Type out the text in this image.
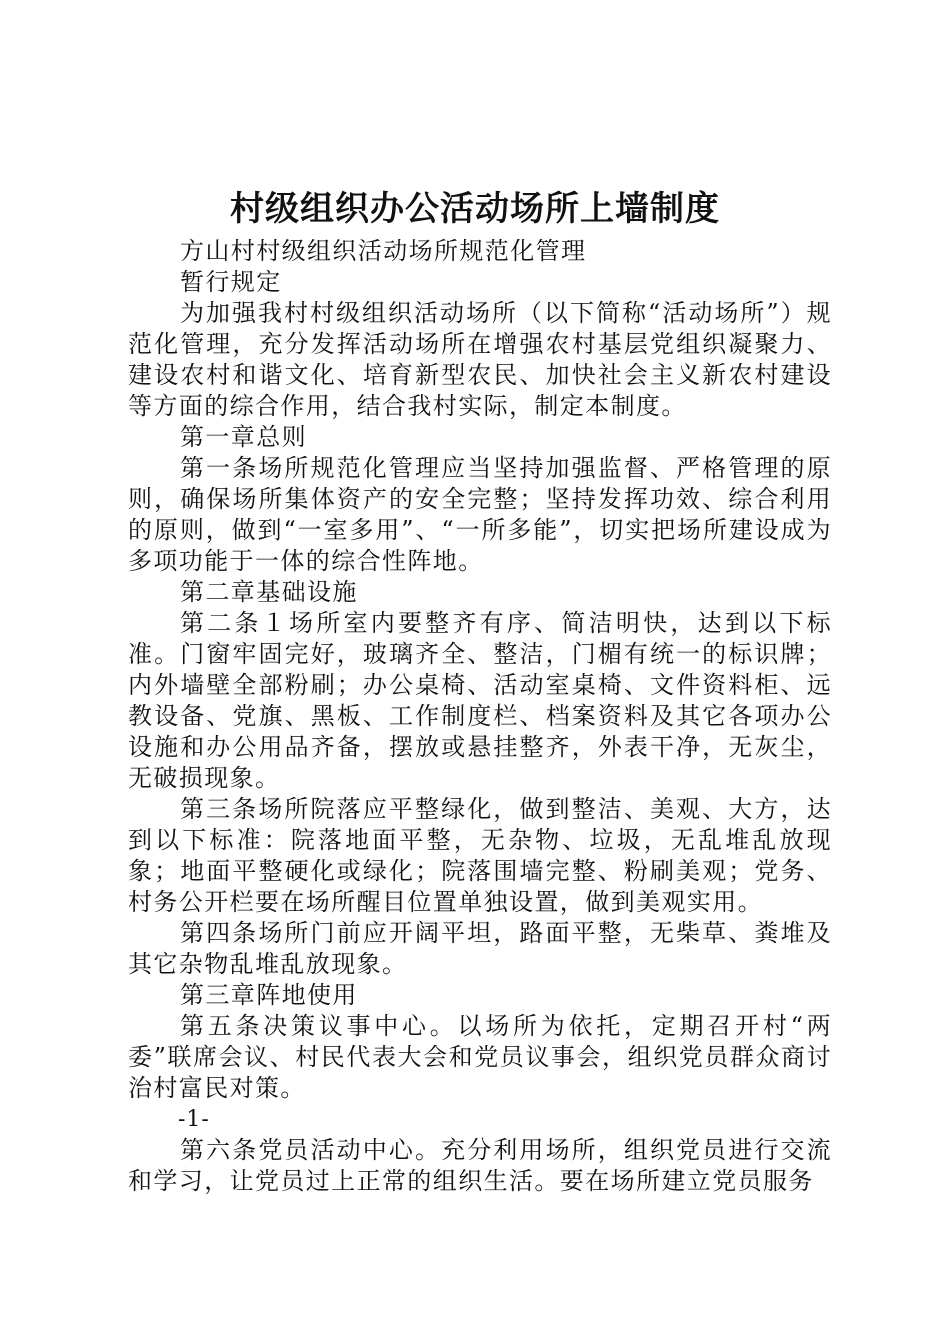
村级组织办公活动场所上墙制度

方山村村级组织活动场所规范化管理

暂行规定

为加强我村村级组织活动场所（以下简称“活动场所”）规范化管理，充分发挥活动场所在增强农村基层党组织凝聚力、建设农村和谐文化、培育新型农民、加快社会主义新农村建设等方面的综合作用，结合我村实际，制定本制度。

第一章总则

第一条场所规范化管理应当坚持加强监督、严格管理的原则，确保场所集体资产的安全完整；坚持发挥功效、综合利用的原则，做到“一室多用”、“一所多能”，切实把场所建设成为多项功能于一体的综合性阵地。

第二章基础设施

第二条１场所室内要整齐有序、简洁明快，达到以下标准。门窗牢固完好，玻璃齐全、整洁，门楣有统一的标识牌；内外墙壁全部粉刷；办公桌椅、活动室桌椅、文件资料柜、远教设备、党旗、黑板、工作制度栏、档案资料及其它各项办公设施和办公用品齐备，摆放或悬挂整齐，外表干净，无灰尘，无破损现象。

第三条场所院落应平整绿化，做到整洁、美观、大方，达到以下标准：院落地面平整，无杂物、垃圾，无乱堆乱放现象；地面平整硬化或绿化；院落围墙完整、粉刷美观；党务、村务公开栏要在场所醒目位置单独设置，做到美观实用。

第四条场所门前应开阔平坦，路面平整，无柴草、粪堆及其它杂物乱堆乱放现象。

第三章阵地使用

第五条决策议事中心。以场所为依托，定期召开村“两委”联席会议、村民代表大会和党员议事会，组织党员群众商讨治村富民对策。

-1-

第六条党员活动中心。充分利用场所，组织党员进行交流和学习，让党员过上正常的组织生活。要在场所建立党员服务
